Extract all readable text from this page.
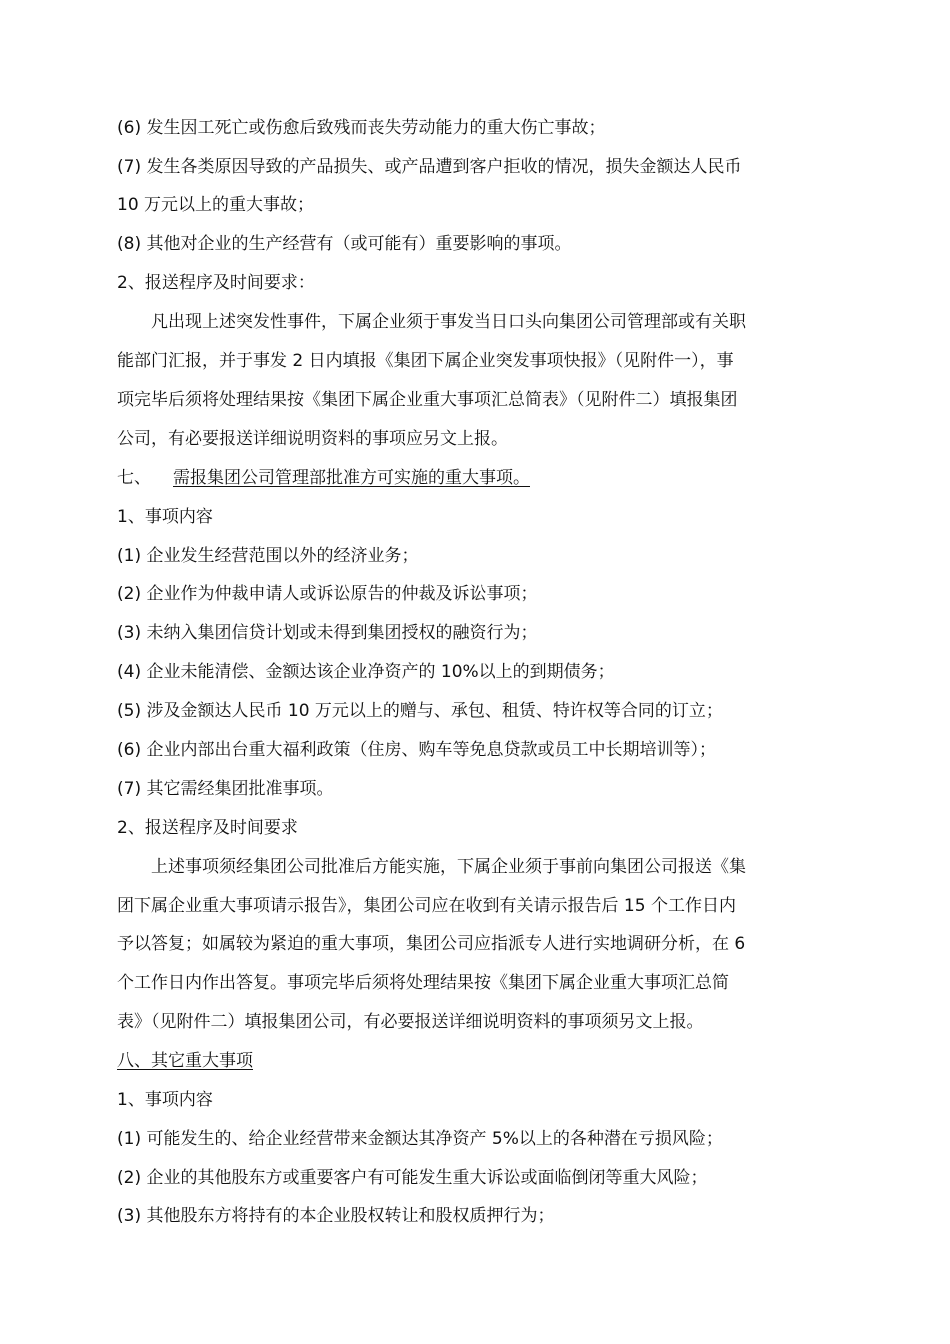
(6) 发生因工死亡或伤愈后致残而丧失劳动能力的重大伤亡事故；
(7) 发生各类原因导致的产品损失、或产品遭到客户拒收的情况，损失金额达人民币
10 万元以上的重大事故；
(8) 其他对企业的生产经营有（或可能有）重要影响的事项。
2、报送程序及时间要求：
凡出现上述突发性事件，下属企业须于事发当日口头向集团公司管理部或有关职
能部门汇报，并于事发 2 日内填报《集团下属企业突发事项快报》（见附件一），事
项完毕后须将处理结果按《集团下属企业重大事项汇总简表》（见附件二）填报集团
公司，有必要报送详细说明资料的事项应另文上报。
七、 需报集团公司管理部批准方可实施的重大事项。
1、事项内容
(1) 企业发生经营范围以外的经济业务；
(2) 企业作为仲裁申请人或诉讼原告的仲裁及诉讼事项；
(3) 未纳入集团信贷计划或未得到集团授权的融资行为；
(4) 企业未能清偿、金额达该企业净资产的 10%以上的到期债务；
(5) 涉及金额达人民币 10 万元以上的赠与、承包、租赁、特许权等合同的订立；
(6) 企业内部出台重大福利政策（住房、购车等免息贷款或员工中长期培训等）；
(7) 其它需经集团批准事项。
2、报送程序及时间要求
上述事项须经集团公司批准后方能实施，下属企业须于事前向集团公司报送《集
团下属企业重大事项请示报告》，集团公司应在收到有关请示报告后 15 个工作日内
予以答复；如属较为紧迫的重大事项，集团公司应指派专人进行实地调研分析，在 6
个工作日内作出答复。事项完毕后须将处理结果按《集团下属企业重大事项汇总简
表》（见附件二）填报集团公司，有必要报送详细说明资料的事项须另文上报。
八、其它重大事项
1、事项内容
(1) 可能发生的、给企业经营带来金额达其净资产 5%以上的各种潜在亏损风险；
(2) 企业的其他股东方或重要客户有可能发生重大诉讼或面临倒闭等重大风险；
(3) 其他股东方将持有的本企业股权转让和股权质押行为；
